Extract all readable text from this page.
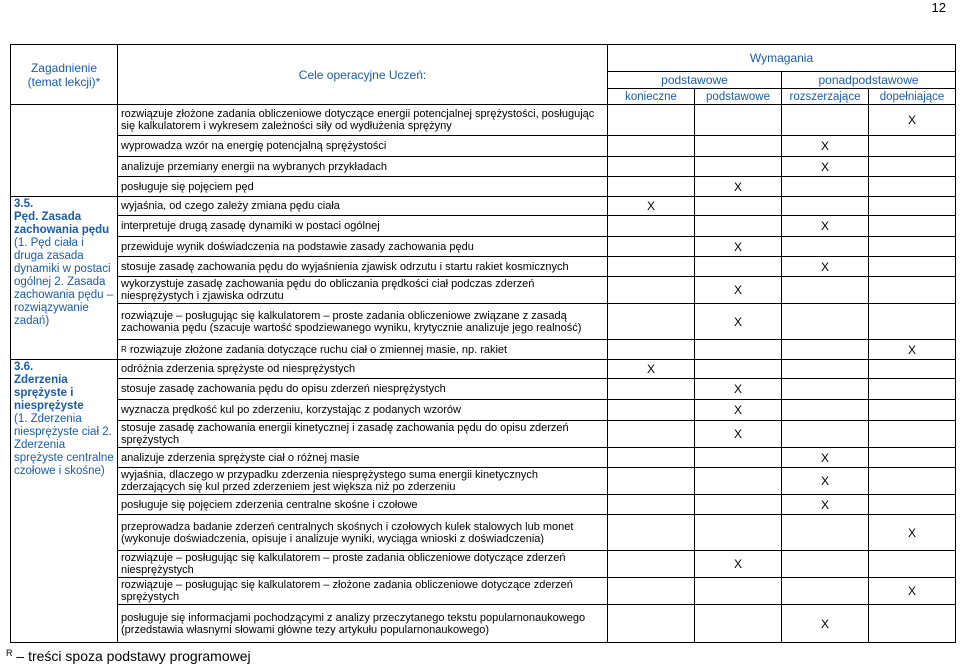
12
Zagadnienie (temat lekcji)*	Cele operacyjne Uczeń:	Wymagania			
		podstawowe		ponadpodstawowe	
		konieczne	podstawowe	rozszerzające	dopełniające
	rozwiązuje złożone zadania obliczeniowe dotyczące energii potencjalnej sprężystości, posługując się kalkulatorem i wykresem zależności siły od wydłużenia sprężyny				X
	wyprowadza wzór na energię potencjalną sprężystości			X	
	analizuje przemiany energii na wybranych przykładach			X	
	posługuje się pojęciem pęd		X		

3.5.
Pęd. Zasada zachowania pędu
(1. Pęd ciała i druga zasada dynamiki w postaci ogólnej 2. Zasada zachowania pędu – rozwiązywanie zadań)	wyjaśnia, od czego zależy zmiana pędu ciała	X			
	interpretuje drugą zasadę dynamiki w postaci ogólnej			X	
	przewiduje wynik doświadczenia na podstawie zasady zachowania pędu		X		
	stosuje zasadę zachowania pędu do wyjaśnienia zjawisk odrzutu i startu rakiet kosmicznych			X	
	wykorzystuje zasadę zachowania pędu do obliczania prędkości ciał podczas zderzeń niesprężystych i zjawiska odrzutu		X		
	rozwiązuje – posługując się kalkulatorem – proste zadania obliczeniowe związane z zasadą zachowania pędu (szacuje wartość spodziewanego wyniku, krytycznie analizuje jego realność)		X		
	$^R$ rozwiązuje złożone zadania dotyczące ruchu ciał o zmiennej masie, np. rakiet				X

3.6.
Zderzenia sprężyste i niesprężyste
(1. Zderzenia niesprężyste ciał 2. Zderzenia sprężyste centralne czołowe i skośne)	odróżnia zderzenia sprężyste od niesprężystych	X			
	stosuje zasadę zachowania pędu do opisu zderzeń niesprężystych		X		
	wyznacza prędkość kul po zderzeniu, korzystając z podanych wzorów		X		
	stosuje zasadę zachowania energii kinetycznej i zasadę zachowania pędu do opisu zderzeń sprężystych		X		
	analizuje zderzenia sprężyste ciał o różnej masie			X	
	wyjaśnia, dlaczego w przypadku zderzenia niesprężystego suma energii kinetycznych zderzających się kul przed zderzeniem jest większa niż po zderzeniu			X	
	posługuje się pojęciem zderzenia centralne skośne i czołowe			X	
	przeprowadza badanie zderzeń centralnych skośnych i czołowych kulek stalowych lub monet (wykonuje doświadczenia, opisuje i analizuje wyniki, wyciąga wnioski z doświadczenia)				X
	rozwiązuje – posługując się kalkulatorem – proste zadania obliczeniowe dotyczące zderzeń niesprężystych		X		
	rozwiązuje – posługując się kalkulatorem – złożone zadania obliczeniowe dotyczące zderzeń sprężystych				X
	posługuje się informacjami pochodzącymi z analizy przeczytanego tekstu popularnonaukowego (przedstawia własnymi słowami główne tezy artykułu popularnonaukowego)			X	
$^R$ – treści spoza podstawy programowej
